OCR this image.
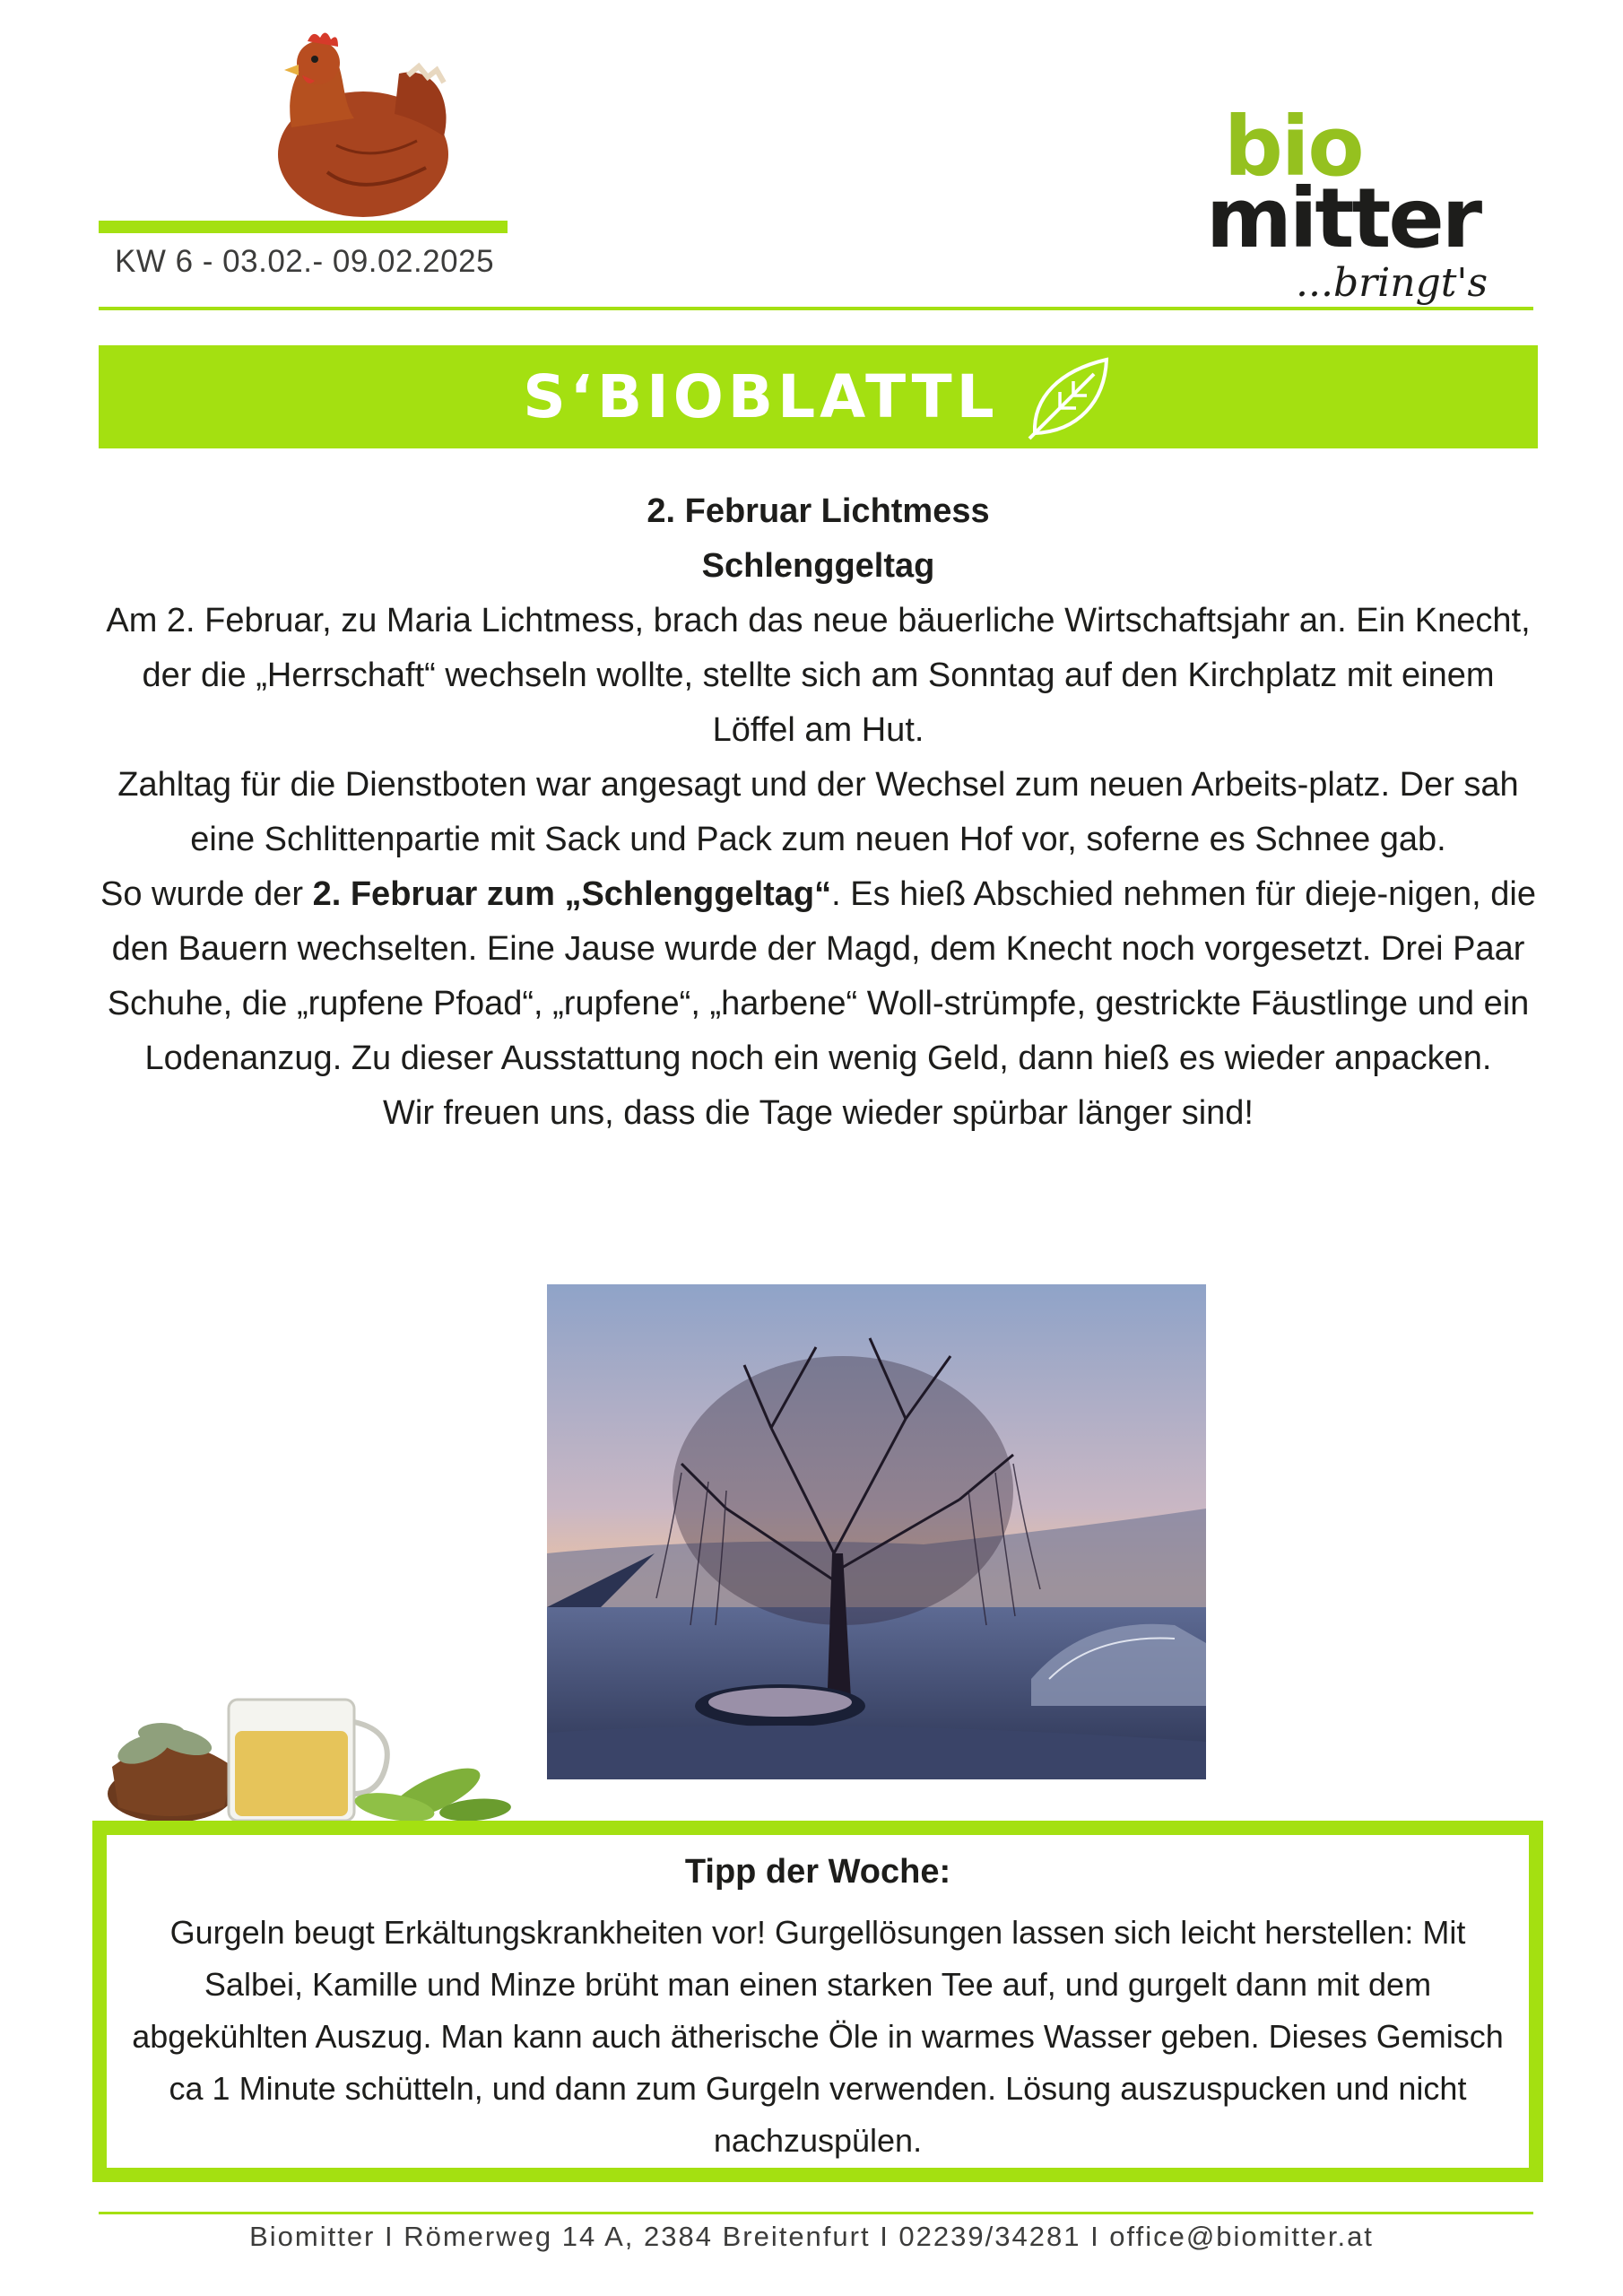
KW 6 - 03.02.- 09.02.2025
bio
mitter
...bringt's
S‘BIOBLATTL
2. Februar Lichtmess
Schlenggeltag
Am 2. Februar, zu Maria Lichtmess, brach das neue bäuerliche Wirtschaftsjahr an. Ein Knecht, der die „Herrschaft“ wechseln wollte, stellte sich am Sonntag auf den Kirchplatz mit einem Löffel am Hut.
Zahltag für die Dienstboten war angesagt und der Wechsel zum neuen Arbeits-platz. Der sah eine Schlittenpartie mit Sack und Pack zum neuen Hof vor, soferne es Schnee gab.
So wurde der 2. Februar zum „Schlenggeltag“. Es hieß Abschied nehmen für dieje-nigen, die den Bauern wechselten. Eine Jause wurde der Magd, dem Knecht noch vorgesetzt. Drei Paar Schuhe, die „rupfene Pfoad“, „rupfene“, „harbene“ Woll-strümpfe, gestrickte Fäustlinge und ein Lodenanzug. Zu dieser Ausstattung noch ein wenig Geld, dann hieß es wieder anpacken.
Wir freuen uns, dass die Tage wieder spürbar länger sind!
Tipp der Woche:
Gurgeln beugt Erkältungskrankheiten vor! Gurgellösungen lassen sich leicht herstellen: Mit Salbei, Kamille und Minze brüht man einen starken Tee auf, und gurgelt dann mit dem abgekühlten Auszug. Man kann auch ätherische Öle in warmes Wasser geben. Dieses Gemisch ca 1 Minute schütteln, und dann zum Gurgeln verwenden. Lösung auszuspucken und nicht nachzuspülen.
Biomitter I Römerweg 14 A, 2384 Breitenfurt I 02239/34281 I office@biomitter.at
